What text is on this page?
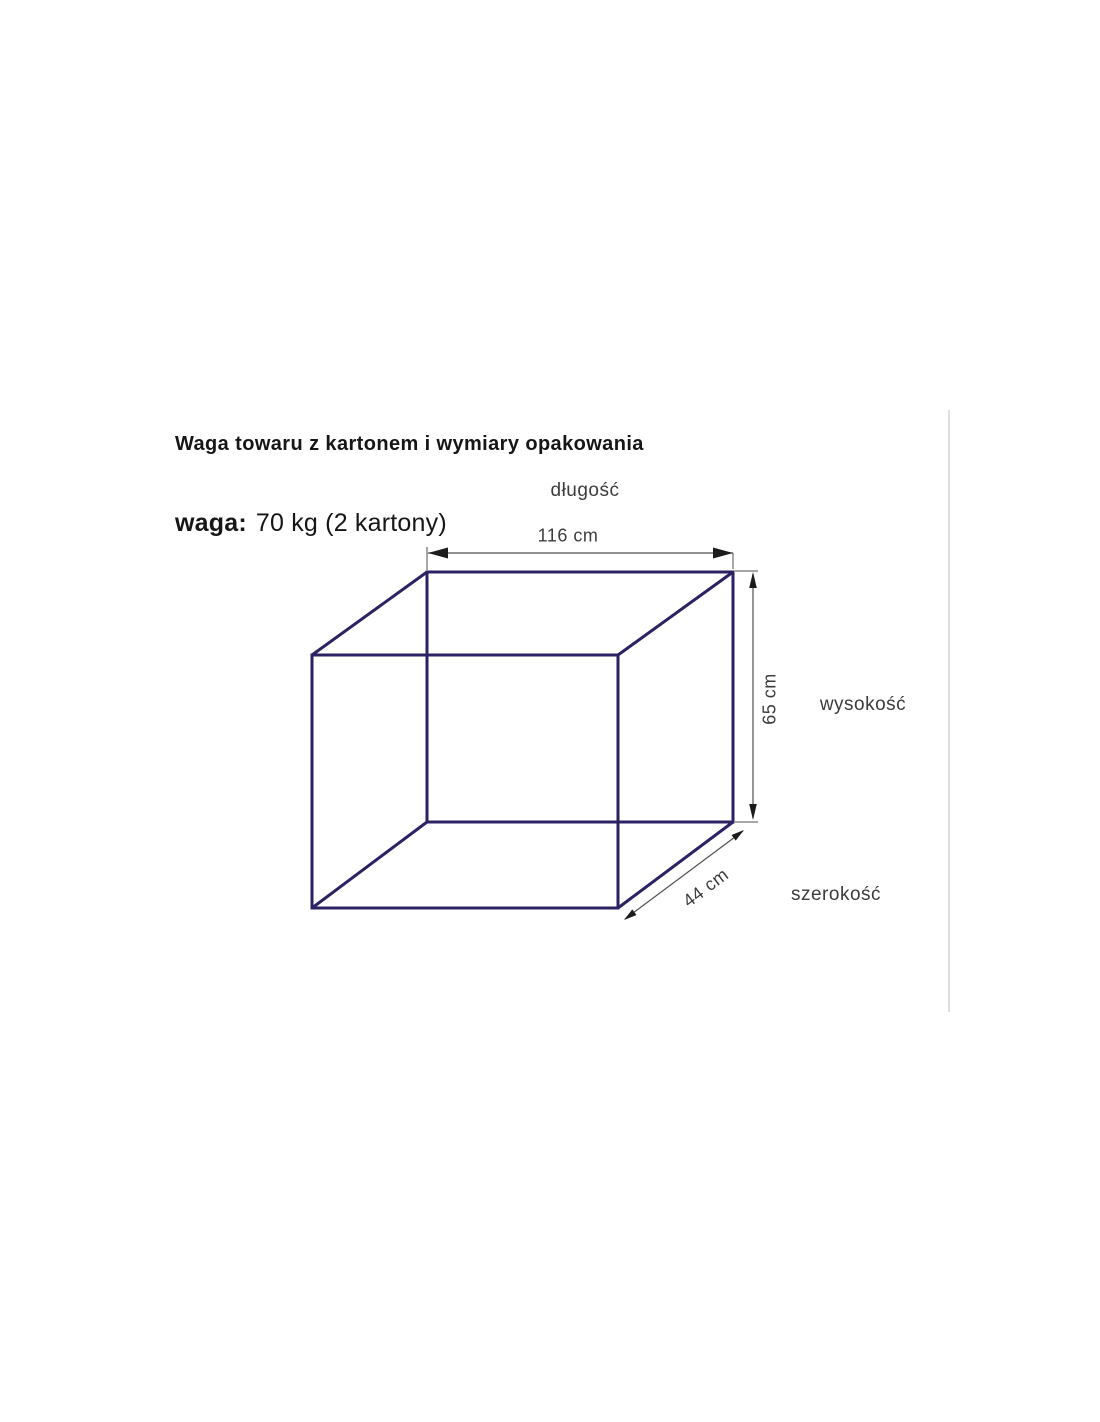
Waga towaru z kartonem i wymiary opakowania
waga: 70 kg (2 kartony)
długość
116 cm
65 cm wysokość
44 cm	szerokość
